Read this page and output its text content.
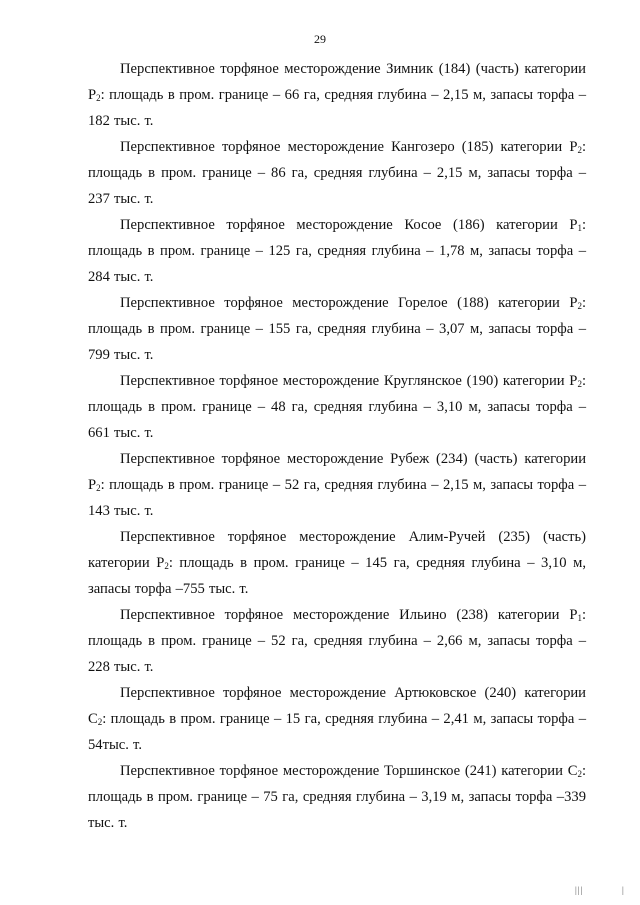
29

Перспективное торфяное месторождение Зимник (184) (часть) категории $Р_2$: площадь в пром. границе – 66 га, средняя глубина – 2,15 м, запасы торфа –182 тыс. т.

Перспективное торфяное месторождение Кангозеро (185) категории $Р_2$: площадь в пром. границе – 86 га, средняя глубина – 2,15 м, запасы торфа – 237 тыс. т.

Перспективное торфяное месторождение Косое (186) категории $Р_1$: площадь в пром. границе – 125 га, средняя глубина – 1,78 м, запасы торфа – 284 тыс. т.

Перспективное торфяное месторождение Горелое (188) категории $Р_2$: площадь в пром. границе – 155 га, средняя глубина – 3,07 м, запасы торфа – 799 тыс. т.

Перспективное торфяное месторождение Круглянское (190) категории $Р_2$: площадь в пром. границе – 48 га, средняя глубина – 3,10 м, запасы торфа – 661 тыс. т.

Перспективное торфяное месторождение Рубеж (234) (часть) категории $Р_2$: площадь в пром. границе – 52 га, средняя глубина – 2,15 м, запасы торфа – 143 тыс. т.

Перспективное торфяное месторождение Алим-Ручей (235) (часть) категории $Р_2$: площадь в пром. границе – 145 га, средняя глубина – 3,10 м, запасы торфа –755 тыс. т.

Перспективное торфяное месторождение Ильино (238) категории $Р_1$: площадь в пром. границе – 52 га, средняя глубина – 2,66 м, запасы торфа – 228 тыс. т.

Перспективное торфяное месторождение Артюковское (240) категории $С_2$: площадь в пром. границе – 15 га, средняя глубина – 2,41 м, запасы торфа –54тыс. т.

Перспективное торфяное месторождение Торшинское (241) категории $С_2$: площадь в пром. границе – 75 га, средняя глубина – 3,19 м, запасы торфа –339 тыс. т.

|||	|
